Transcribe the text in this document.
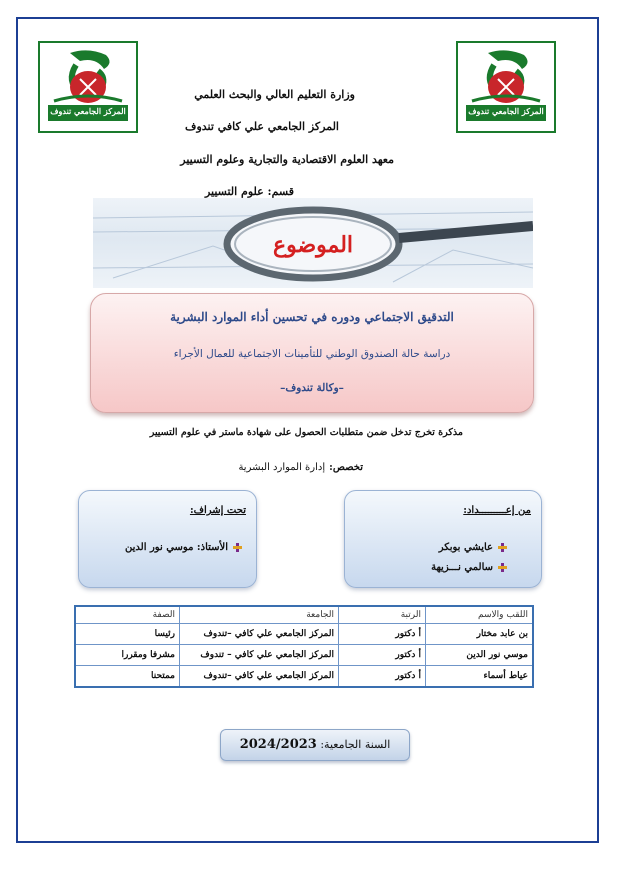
المركز الجامعي تندوف	المركز الجامعي تندوف
وزارة التعليم العالي والبحث العلمي
المركز الجامعي علي كافي تندوف
معهد العلوم الاقتصادية والتجارية وعلوم التسيير
قسم: علوم التسيير
الموضوع
التدقيق الاجتماعي ودوره في تحسين أداء الموارد البشرية
دراسة حالة الصندوق الوطني للتأمينات الاجتماعية للعمال الأجراء
–وكالة تندوف–
مذكرة تخرج تدخل ضمن متطلبات الحصول على شهادة ماستر في علوم التسيير
تخصص:
إدارة الموارد البشرية
من إعـــــــــداد:
عايشي بوبكر
سالمي نـــزيهة
تحت إشراف:
الأستاذ: موسي نور الدين
اللقب والاسم	الرتبة	الجامعة	الصفة
بن عابد مختار	أ دكتور	المركز الجامعي علي كافي –تندوف	رئيسا
موسي نور الدين	أ دكتور	المركز الجامعي علي كافي – تندوف	مشرفا ومقررا
عياط أسماء	أ دكتور	المركز الجامعي علي كافي –تندوف	ممتحنا
السنة الجامعية: 2024/2023
